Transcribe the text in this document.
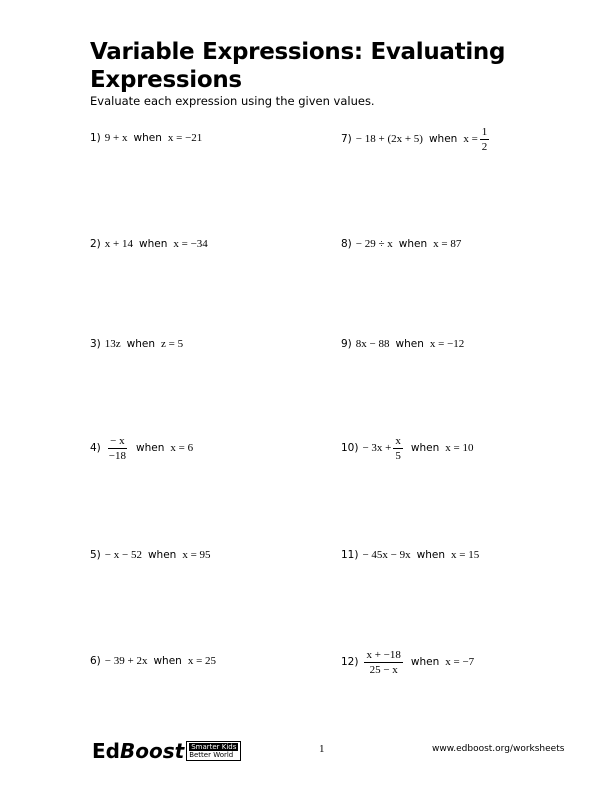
Variable Expressions: Evaluating Expressions
Evaluate each expression using the given values.
1) 9 + x when x = −21
2) x + 14 when x = −34
3) 13z when z = 5
$4) \frac{- x}{-18}$ when x = 6
5) − x − 52 when x = 95
6) − 39 + 2x when x = 25
7) − 18 + (2x + 5) when $x = \frac{1}{2}$
8) − 29 ÷ x when x = 87
9) 8x − 88 when x = −12
$10) - 3x + \frac{x}{5}$ when x = 10
11) − 45x − 9x when x = 15
$12) \frac{x + -18}{25 - x}$ when x = −7
Ed Boost Smarter Kids
Better World	1	www.edboost.org/worksheets
